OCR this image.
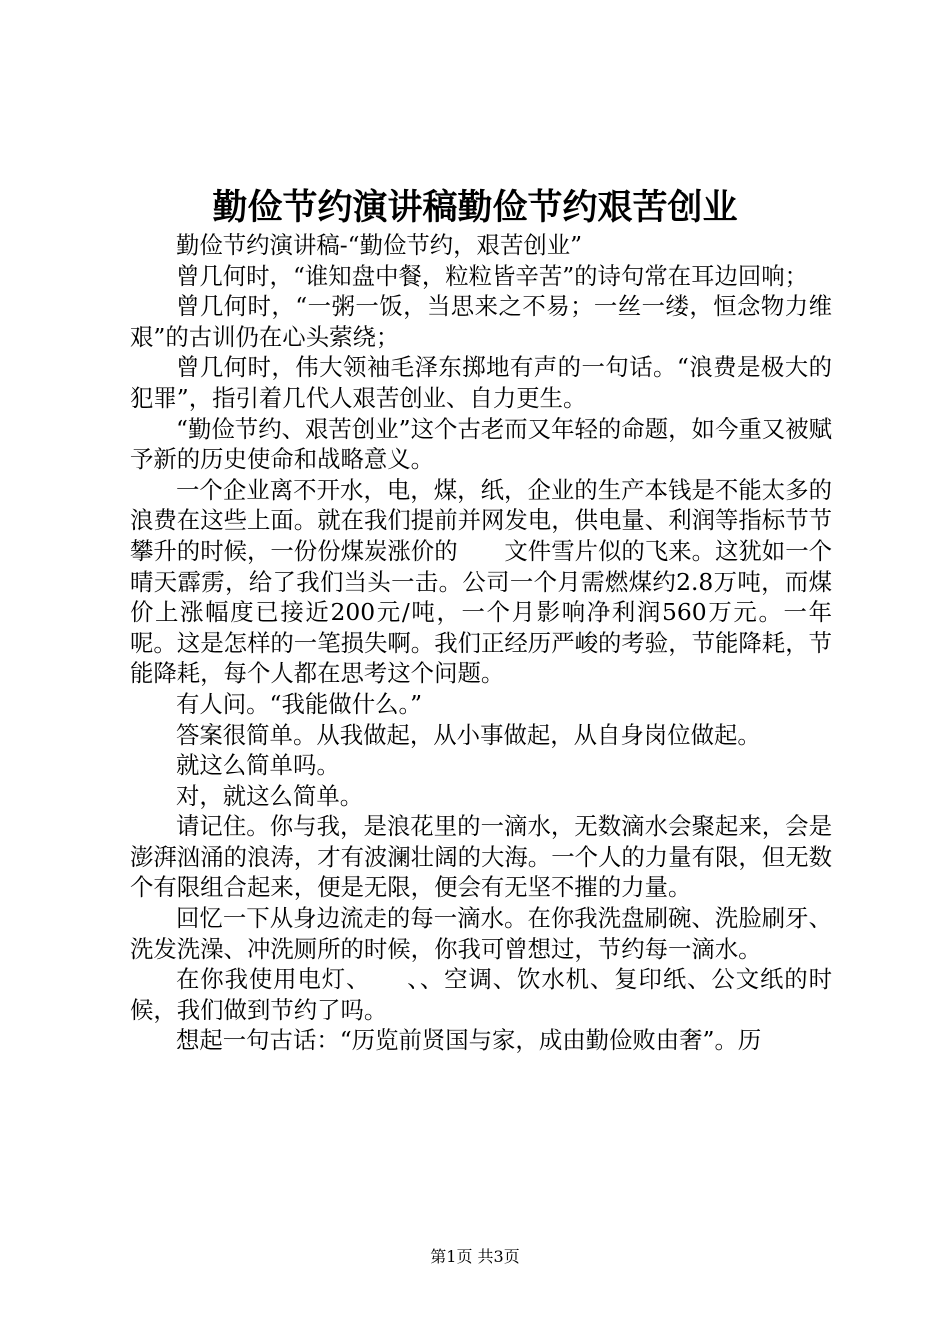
勤俭节约演讲稿勤俭节约艰苦创业

勤俭节约演讲稿-“勤俭节约，艰苦创业”

曾几何时，“谁知盘中餐，粒粒皆辛苦”的诗句常在耳边回响；

曾几何时，“一粥一饭，当思来之不易；一丝一缕，恒念物力维艰”的古训仍在心头萦绕；

曾几何时，伟大领袖毛泽东掷地有声的一句话。“浪费是极大的犯罪”，指引着几代人艰苦创业、自力更生。

“勤俭节约、艰苦创业”这个古老而又年轻的命题，如今重又被赋予新的历史使命和战略意义。

一个企业离不开水，电，煤，纸，企业的生产本钱是不能太多的浪费在这些上面。就在我们提前并网发电，供电量、利润等指标节节攀升的时候，一份份煤炭涨价的　　文件雪片似的飞来。这犹如一个晴天霹雳，给了我们当头一击。公司一个月需燃煤约2.8万吨，而煤价上涨幅度已接近200元/吨，一个月影响净利润560万元。一年呢。这是怎样的一笔损失啊。我们正经历严峻的考验，节能降耗，节能降耗，每个人都在思考这个问题。

有人问。“我能做什么。”

答案很简单。从我做起，从小事做起，从自身岗位做起。

就这么简单吗。

对，就这么简单。

请记住。你与我，是浪花里的一滴水，无数滴水会聚起来，会是澎湃汹涌的浪涛，才有波澜壮阔的大海。一个人的力量有限，但无数个有限组合起来，便是无限，便会有无坚不摧的力量。

回忆一下从身边流走的每一滴水。在你我洗盘刷碗、洗脸刷牙、洗发洗澡、冲洗厕所的时候，你我可曾想过，节约每一滴水。

在你我使用电灯、　　、、空调、饮水机、复印纸、公文纸的时候，我们做到节约了吗。

想起一句古话：“历览前贤国与家，成由勤俭败由奢”。历

第1页 共3页
